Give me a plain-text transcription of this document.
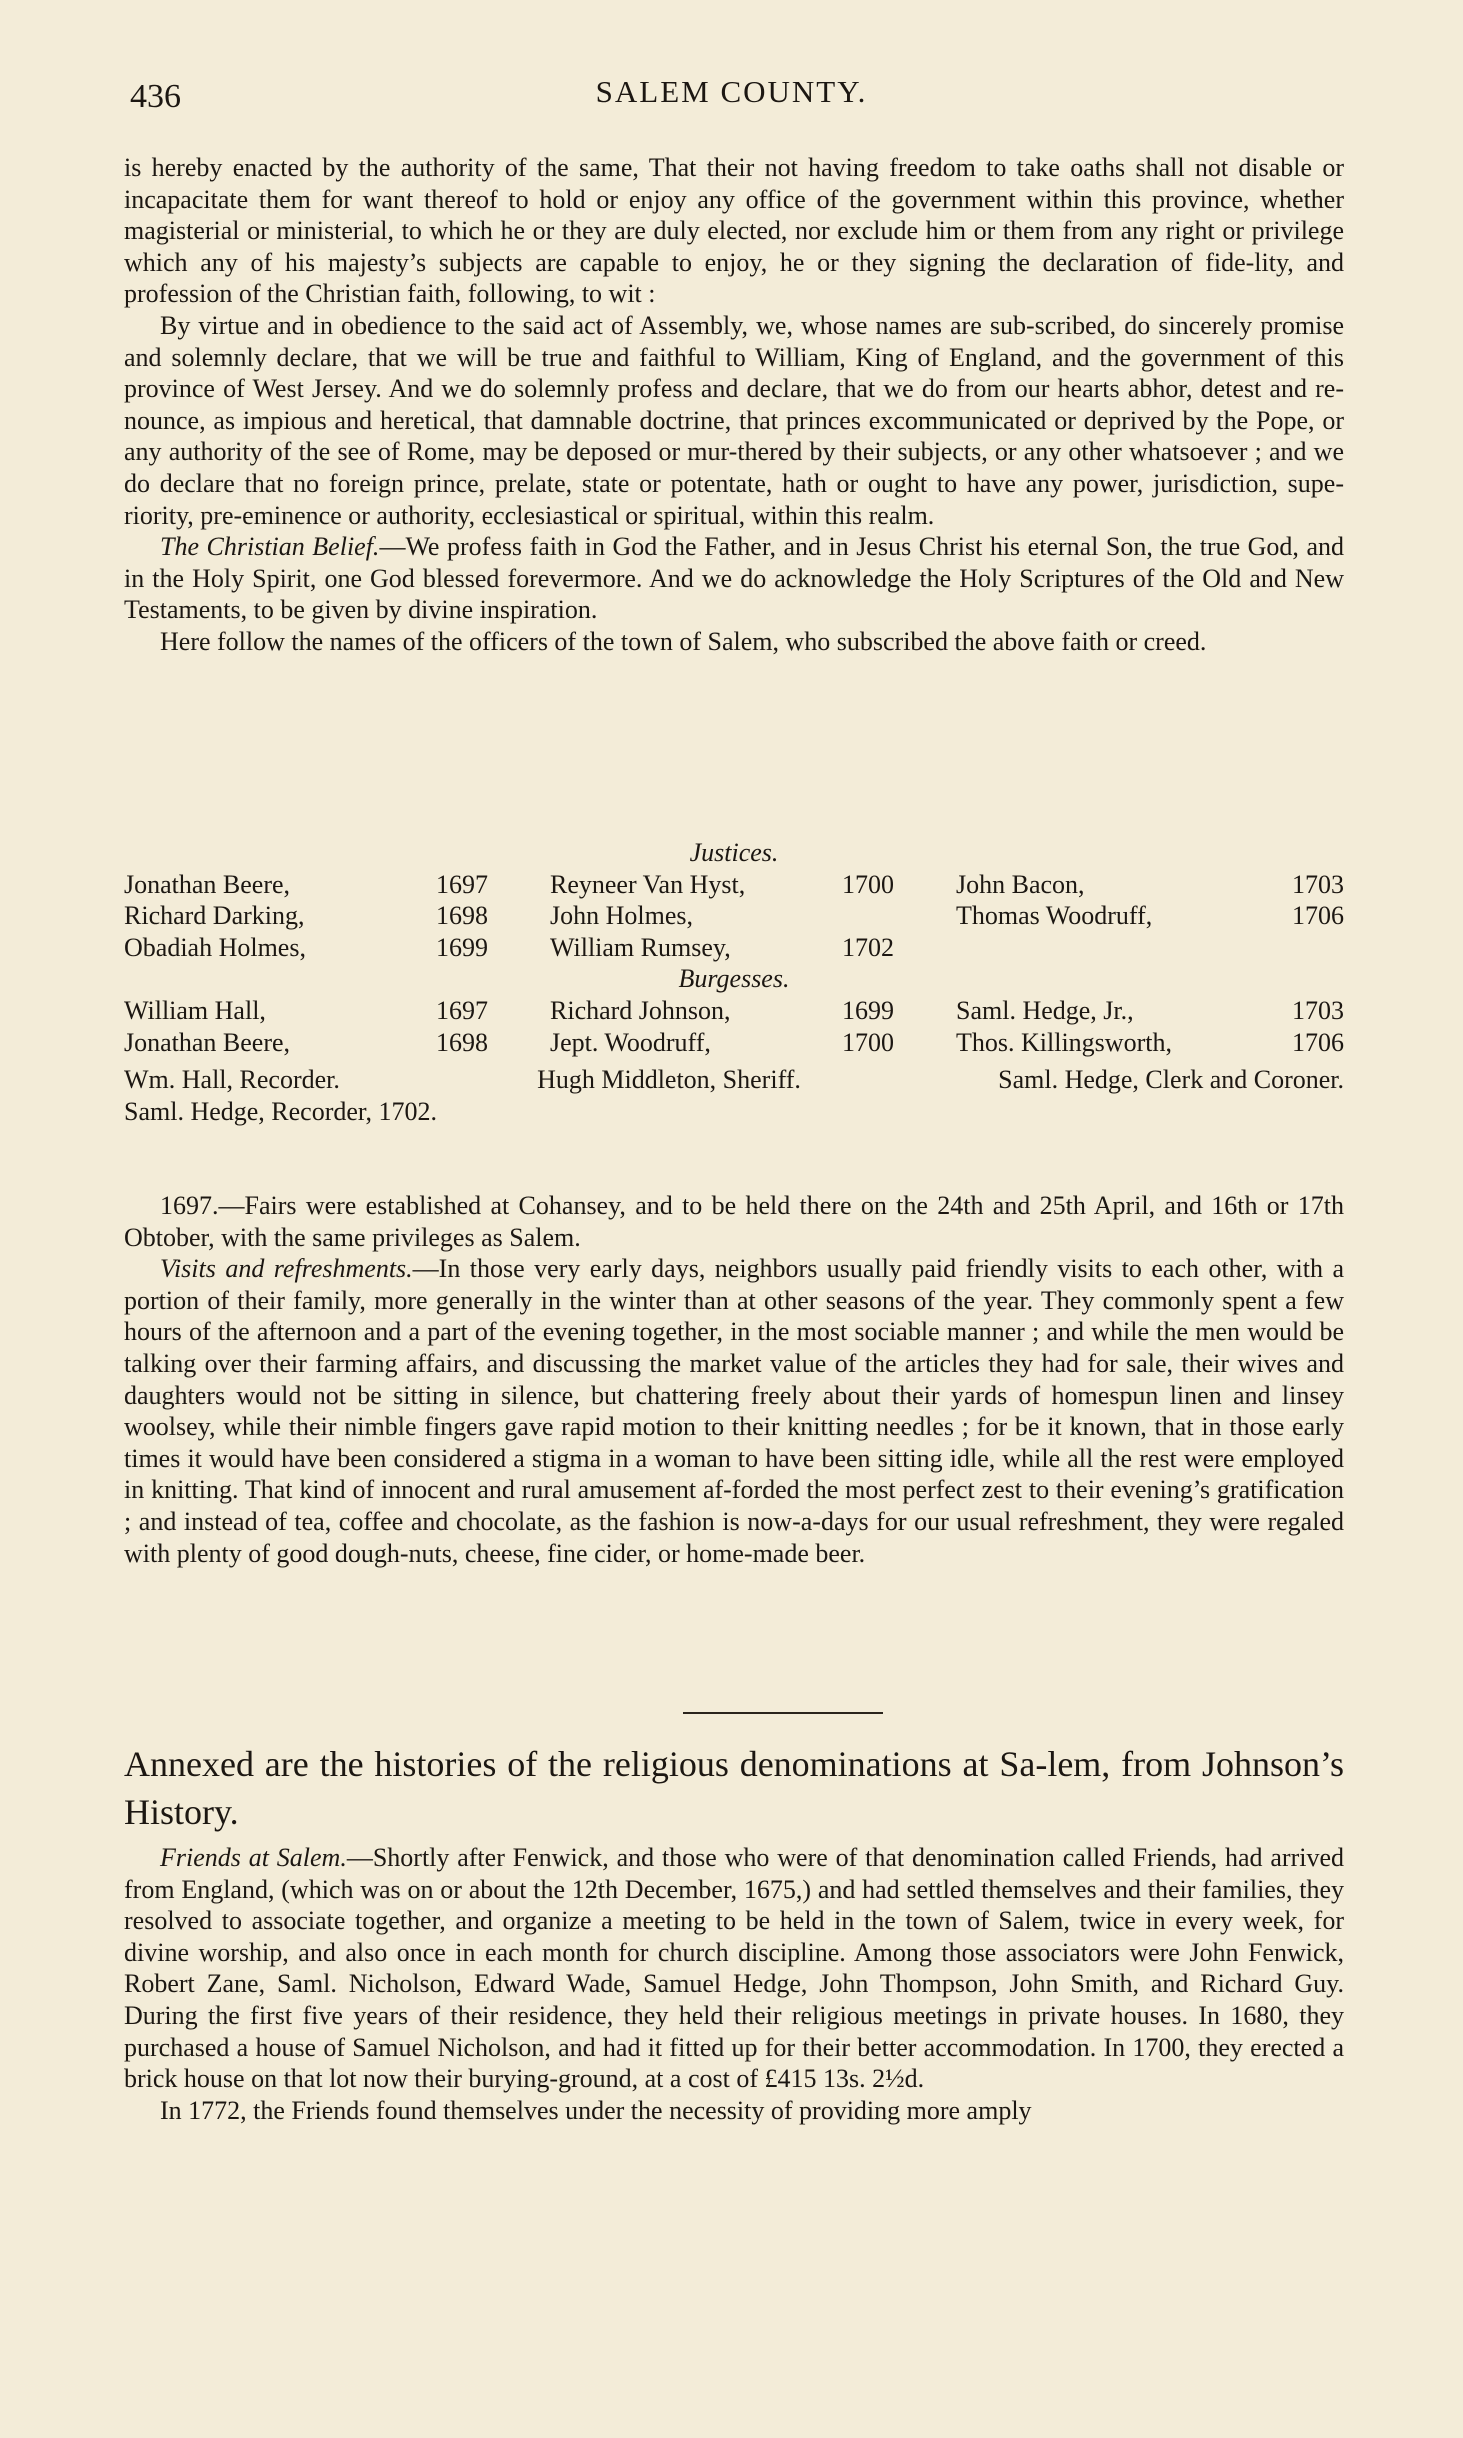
436	SALEM COUNTY.

is hereby enacted by the authority of the same, That their not having freedom to take oaths shall not disable or incapacitate them for want thereof to hold or enjoy any office of the government within this province, whether magisterial or ministerial, to which he or they are duly elected, nor exclude him or them from any right or privilege which any of his majesty’s subjects are capable to enjoy, he or they signing the declaration of fide-lity, and profession of the Christian faith, following, to wit :

By virtue and in obedience to the said act of Assembly, we, whose names are sub-scribed, do sincerely promise and solemnly declare, that we will be true and faithful to William, King of England, and the government of this province of West Jersey. And we do solemnly profess and declare, that we do from our hearts abhor, detest and re-nounce, as impious and heretical, that damnable doctrine, that princes excommunicated or deprived by the Pope, or any authority of the see of Rome, may be deposed or mur-thered by their subjects, or any other whatsoever ; and we do declare that no foreign prince, prelate, state or potentate, hath or ought to have any power, jurisdiction, supe-riority, pre-eminence or authority, ecclesiastical or spiritual, within this realm.

The Christian Belief.—We profess faith in God the Father, and in Jesus Christ his eternal Son, the true God, and in the Holy Spirit, one God blessed forevermore. And we do acknowledge the Holy Scriptures of the Old and New Testaments, to be given by divine inspiration.

Here follow the names of the officers of the town of Salem, who subscribed the above faith or creed.

Justices.

Jonathan Beere,	1697	Reyneer Van Hyst,	1700	John Bacon,	1703
Richard Darking,	1698	John Holmes,		Thomas Woodruff,	1706
Obadiah Holmes,	1699	William Rumsey,	1702		

Burgesses.

William Hall,	1697	Richard Johnson,	1699	Saml. Hedge, Jr.,	1703
Jonathan Beere,	1698	Jept. Woodruff,	1700	Thos. Killingsworth,	1706
Wm. Hall, Recorder.	Hugh Middleton, Sheriff.	Saml. Hedge, Clerk and Coroner.
Saml. Hedge, Recorder, 1702.

1697.—Fairs were established at Cohansey, and to be held there on the 24th and 25th April, and 16th or 17th Obtober, with the same privileges as Salem.

Visits and refreshments.—In those very early days, neighbors usually paid friendly visits to each other, with a portion of their family, more generally in the winter than at other seasons of the year. They commonly spent a few hours of the afternoon and a part of the evening together, in the most sociable manner ; and while the men would be talking over their farming affairs, and discussing the market value of the articles they had for sale, their wives and daughters would not be sitting in silence, but chattering freely about their yards of homespun linen and linsey woolsey, while their nimble fingers gave rapid motion to their knitting needles ; for be it known, that in those early times it would have been considered a stigma in a woman to have been sitting idle, while all the rest were employed in knitting. That kind of innocent and rural amusement af-forded the most perfect zest to their evening’s gratification ; and instead of tea, coffee and chocolate, as the fashion is now-a-days for our usual refreshment, they were regaled with plenty of good dough-nuts, cheese, fine cider, or home-made beer.

Annexed are the histories of the religious denominations at Sa-lem, from Johnson’s History.

Friends at Salem.—Shortly after Fenwick, and those who were of that denomination called Friends, had arrived from England, (which was on or about the 12th December, 1675,) and had settled themselves and their families, they resolved to associate together, and organize a meeting to be held in the town of Salem, twice in every week, for divine worship, and also once in each month for church discipline. Among those associators were John Fenwick, Robert Zane, Saml. Nicholson, Edward Wade, Samuel Hedge, John Thompson, John Smith, and Richard Guy. During the first five years of their residence, they held their religious meetings in private houses. In 1680, they purchased a house of Samuel Nicholson, and had it fitted up for their better accommodation. In 1700, they erected a brick house on that lot now their burying-ground, at a cost of £415 13s. 2½d.

In 1772, the Friends found themselves under the necessity of providing more amply
